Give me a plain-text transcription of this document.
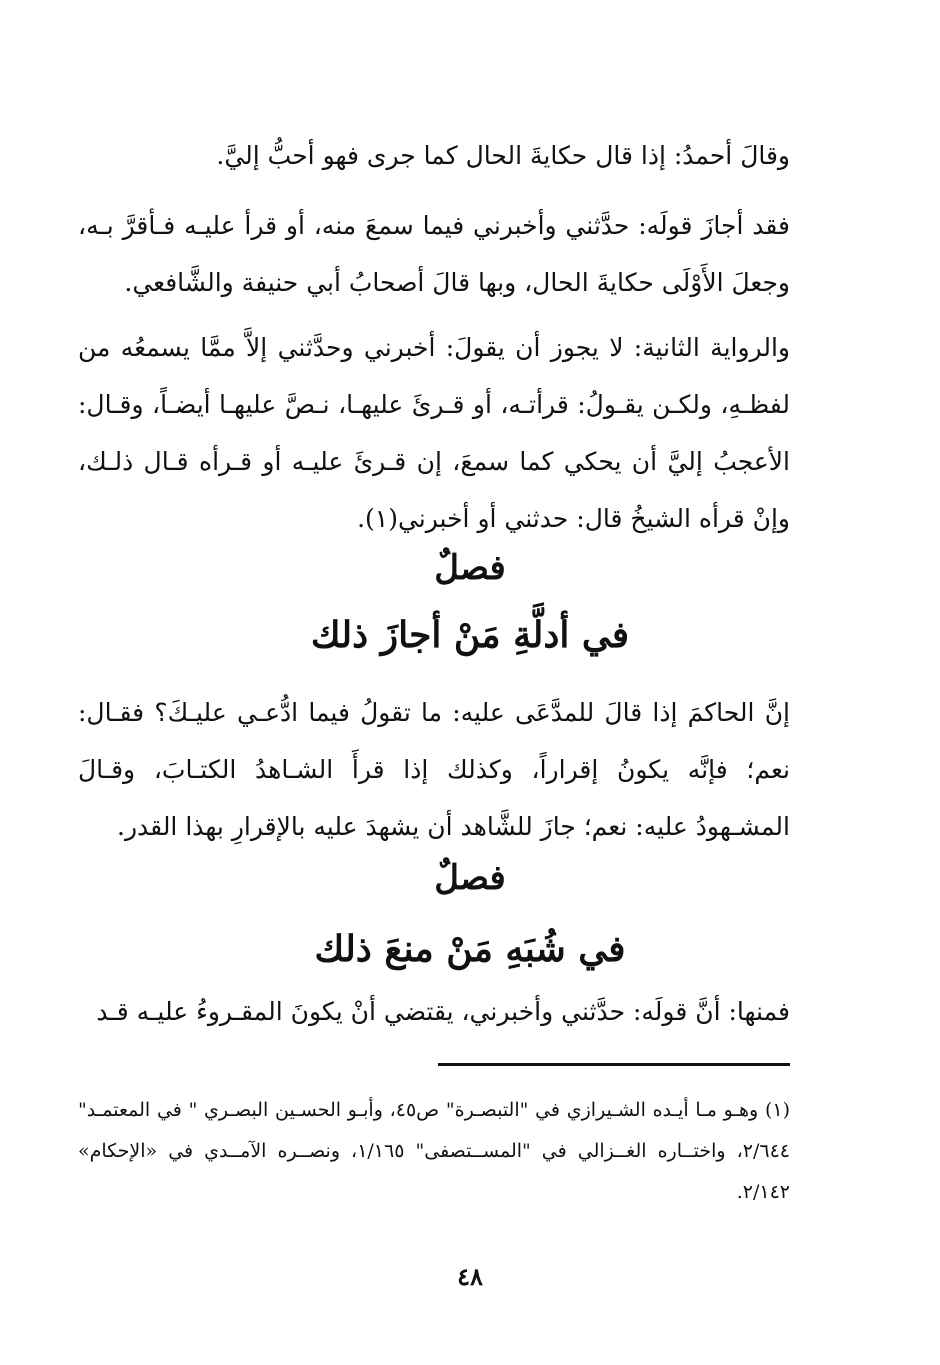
وقالَ أحمدُ: إذا قال حكايةَ الحال كما جرى فهو أحبُّ إليَّ.

فقد أجازَ قولَه: حدَّثني وأخبرني فيما سمعَ منه، أو قرأ عليـه فـأقرَّ بـه، وجعلَ الأَوْلَى حكايةَ الحال، وبها قالَ أصحابُ أبي حنيفة والشَّافعي.

والرواية الثانية: لا يجوز أن يقولَ: أخبرني وحدَّثني إلاَّ ممَّا يسمعُه من لفظـهِ، ولكـن يقـولُ: قرأتـه، أو قـرئَ عليهـا، نـصَّ عليهـا أيضـاً، وقـال: الأعجبُ إليَّ أن يحكي كما سمعَ، إن قـرئَ عليـه أو قـرأه قـال ذلـك، وإنْ قرأه الشيخُ قال: حدثني أو أخبرني(١).

فصلٌ
في أدلَّةِ مَنْ أجازَ ذلك

إنَّ الحاكمَ إذا قالَ للمدَّعَى عليه: ما تقولُ فيما ادُّعـي عليـكَ؟ فقـال: نعم؛ فإنَّه يكونُ إقراراً، وكذلك إذا قرأَ الشـاهدُ الكتـابَ، وقـالَ المشـهودُ عليه: نعم؛ جازَ للشَّاهد أن يشهدَ عليه بالإقرارِ بهذا القدر.

فصلٌ
في شُبَهِ مَنْ منعَ ذلك

فمنها: أنَّ قولَه: حدَّثني وأخبرني، يقتضي أنْ يكونَ المقـروءُ عليـه قـد

(١) وهـو مـا أيـده الشـيرازي في "التبصـرة" ص٤٥، وأبـو الحسـين البصـري " في المعتمـد" ٢/٦٤٤، واختــاره الغــزالي في "المســتصفى" ١/١٦٥، ونصــره الآمــدي في «الإحكام» ٢/١٤٢.

٤٨
